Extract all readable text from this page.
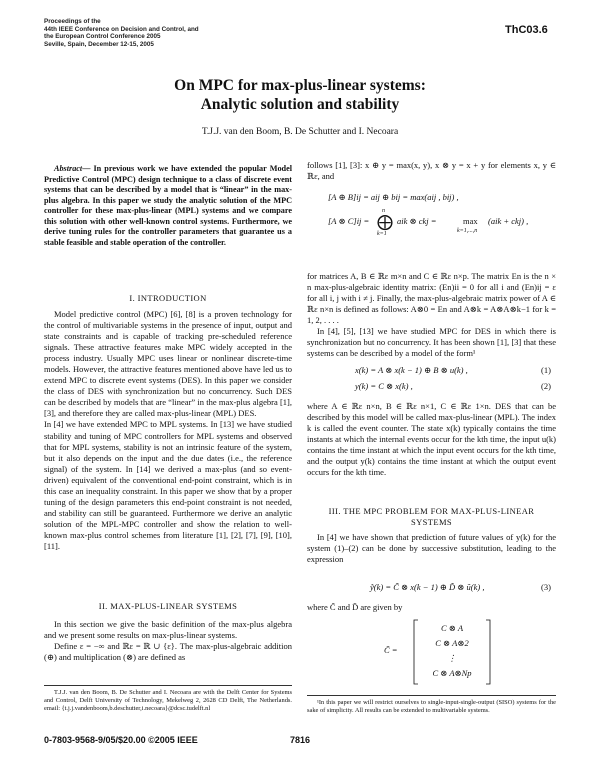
Proceedings of the
44th IEEE Conference on Decision and Control, and
the European Control Conference 2005
Seville, Spain, December 12-15, 2005
ThC03.6
On MPC for max-plus-linear systems:
Analytic solution and stability
T.J.J. van den Boom, B. De Schutter and I. Necoara
Abstract— In previous work we have extended the popular Model Predictive Control (MPC) design technique to a class of discrete event systems that can be described by a model that is “linear” in the max-plus algebra. In this paper we study the analytic solution of the MPC controller for these max-plus-linear (MPL) systems and we compare this solution with other well-known control systems. Furthermore, we derive tuning rules for the controller parameters that guarantee us a stable feasible and stable operation of the controller.
I. INTRODUCTION

Model predictive control (MPC) [6], [8] is a proven technology for the control of multivariable systems in the presence of input, output and state constraints and is capable of tracking pre-scheduled reference signals. These attractive features make MPC widely accepted in the process industry. Usually MPC uses linear or nonlinear discrete-time models. However, the attractive features mentioned above have led us to extend MPC to discrete event systems (DES). In this paper we consider the class of DES with synchronization but no concurrency. Such DES can be described by models that are “linear” in the max-plus algebra [1], [3], and therefore they are called max-plus-linear (MPL) DES.

In [4] we have extended MPC to MPL systems. In [13] we have studied stability and tuning of MPC controllers for MPL systems and observed that for MPL systems, stability is not an intrinsic feature of the system, but it also depends on the input and the due dates (i.e., the reference signal) of the system. In [14] we derived a max-plus (and so event-driven) equivalent of the conventional end-point constraint, which is in this case an inequality constraint. In this paper we show that by a proper tuning of the design parameters this end-point constraint is not needed, and stability can still be guaranteed. Furthermore we derive an analytic solution of the MPL-MPC controller and show the relation to well-known max-plus control schemes from literature [1], [2], [7], [9], [10], [11].

II. MAX-PLUS-LINEAR SYSTEMS

In this section we give the basic definition of the max-plus algebra and we present some results on max-plus-linear systems.

Define ε = −∞ and ℝε = ℝ ∪ {ε}. The max-plus-algebraic addition (⊕) and multiplication (⊗) are defined as

T.J.J. van den Boom, B. De Schutter and I. Necoara are with the Delft Center for Systems and Control, Delft University of Technology, Mekelweg 2, 2628 CD Delft, The Netherlands. email: {t.j.j.vandenboom,b.deschutter,i.necoara}@dcsc.tudelft.nl

follows [1], [3]: x ⊕ y = max(x, y), x ⊗ y = x + y for elements x, y ∈ ℝε, and

[A ⊕ B]ij = aij ⊕ bij = max(aij , bij) ,
[A ⊗ C]ij =
n
⨁
k=1
aik ⊗ ckj =	max
k=1,...,n
(aik + ckj) ,

for matrices A, B ∈ ℝε m×n and C ∈ ℝε n×p. The matrix En is the n × n max-plus-algebraic identity matrix: (En)ii = 0 for all i and (En)ij = ε for all i, j with i ≠ j. Finally, the max-plus-algebraic matrix power of A ∈ ℝε n×n is defined as follows: A⊗0 = En and A⊗k = A⊗A⊗k−1 for k = 1, 2, . . . .

In [4], [5], [13] we have studied MPC for DES in which there is synchronization but no concurrency. It has been shown [1], [3] that these systems can be described by a model of the form¹

x(k) = A ⊗ x(k − 1) ⊕ B ⊗ u(k) ,	(1)
y(k) = C ⊗ x(k) ,	(2)

where A ∈ ℝε n×n, B ∈ ℝε n×1, C ∈ ℝε 1×n. DES that can be described by this model will be called max-plus-linear (MPL). The index k is called the event counter. The state x(k) typically contains the time instants at which the internal events occur for the kth time, the input u(k) contains the time instant at which the input event occurs for the kth time, and the output y(k) contains the time instant at which the output event occurs for the kth time.

III. THE MPC PROBLEM FOR MAX-PLUS-LINEAR
SYSTEMS

In [4] we have shown that prediction of future values of y(k) for the system (1)–(2) can be done by successive substitution, leading to the expression

ỹ(k) = C̃ ⊗ x(k − 1) ⊕ D̃ ⊗ ũ(k) ,	(3)

where C̃ and D̃ are given by

C̃ =
C ⊗ A
C ⊗ A⊗2
⋮
C ⊗ A⊗Np

¹In this paper we will restrict ourselves to single-input-single-output (SISO) systems for the sake of simplicity. All results can be extended to multivariable systems.

0-7803-9568-9/05/$20.00 ©2005 IEEE	7816
